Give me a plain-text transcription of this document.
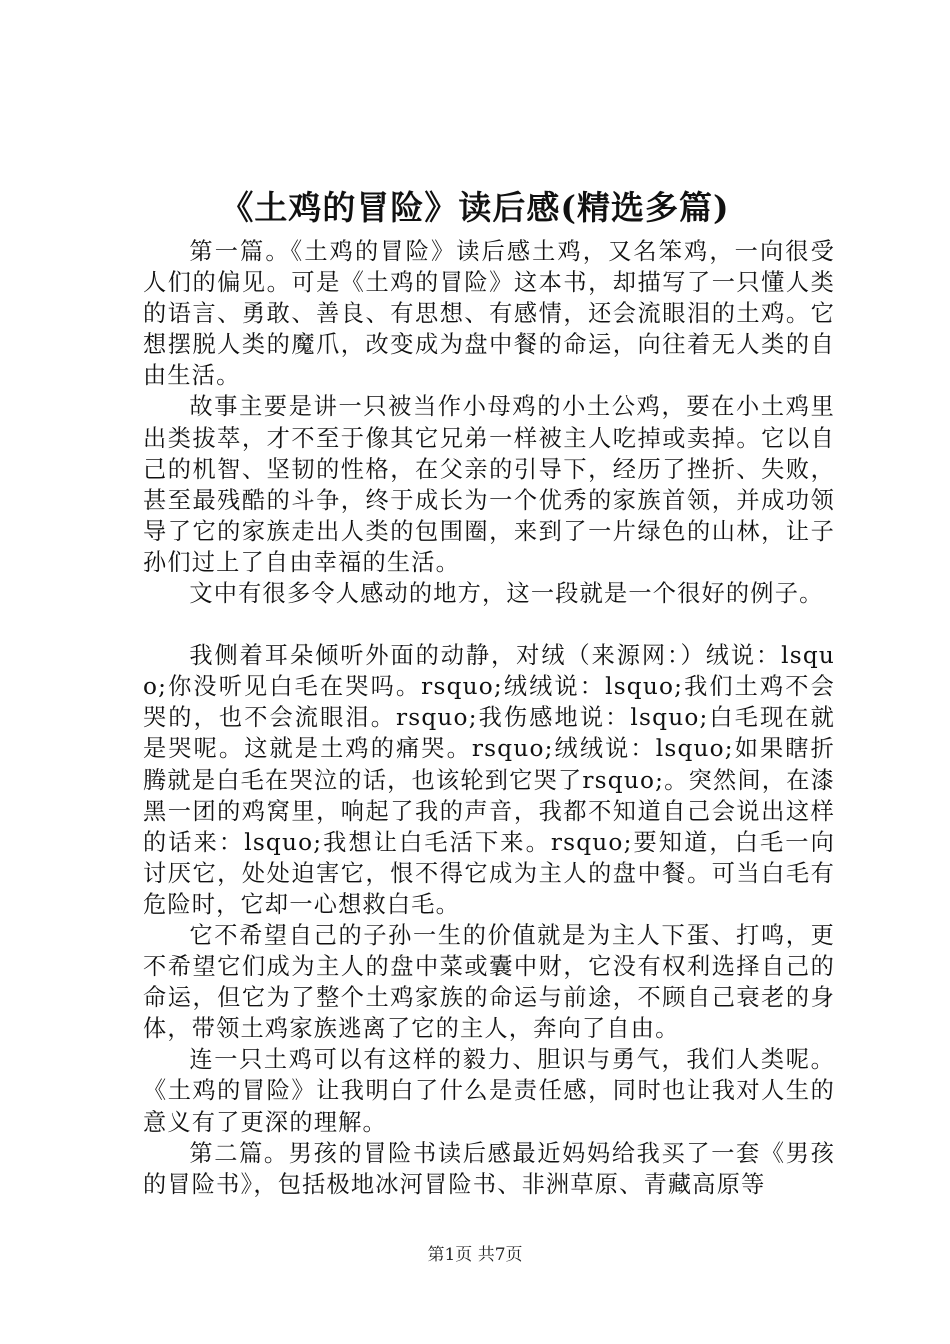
《土鸡的冒险》读后感(精选多篇)

第一篇。《土鸡的冒险》读后感土鸡，又名笨鸡，一向很受人们的偏见。可是《土鸡的冒险》这本书，却描写了一只懂人类的语言、勇敢、善良、有思想、有感情，还会流眼泪的土鸡。它想摆脱人类的魔爪，改变成为盘中餐的命运，向往着无人类的自由生活。

故事主要是讲一只被当作小母鸡的小土公鸡，要在小土鸡里出类拔萃，才不至于像其它兄弟一样被主人吃掉或卖掉。它以自己的机智、坚韧的性格，在父亲的引导下，经历了挫折、失败，甚至最残酷的斗争，终于成长为一个优秀的家族首领，并成功领导了它的家族走出人类的包围圈，来到了一片绿色的山林，让子孙们过上了自由幸福的生活。

文中有很多令人感动的地方，这一段就是一个很好的例子。

我侧着耳朵倾听外面的动静，对绒（来源网：）绒说：lsquo;你没听见白毛在哭吗。rsquo;绒绒说：lsquo;我们土鸡不会哭的，也不会流眼泪。rsquo;我伤感地说：lsquo;白毛现在就是哭呢。这就是土鸡的痛哭。rsquo;绒绒说：lsquo;如果瞎折腾就是白毛在哭泣的话，也该轮到它哭了rsquo;。突然间，在漆黑一团的鸡窝里，响起了我的声音，我都不知道自己会说出这样的话来：lsquo;我想让白毛活下来。rsquo;要知道，白毛一向讨厌它，处处迫害它，恨不得它成为主人的盘中餐。可当白毛有危险时，它却一心想救白毛。

它不希望自己的子孙一生的价值就是为主人下蛋、打鸣，更不希望它们成为主人的盘中菜或囊中财，它没有权利选择自己的命运，但它为了整个土鸡家族的命运与前途，不顾自己衰老的身体，带领土鸡家族逃离了它的主人，奔向了自由。

连一只土鸡可以有这样的毅力、胆识与勇气，我们人类呢。《土鸡的冒险》让我明白了什么是责任感，同时也让我对人生的意义有了更深的理解。

第二篇。男孩的冒险书读后感最近妈妈给我买了一套《男孩的冒险书》，包括极地冰河冒险书、非洲草原、青藏高原等

第1页 共7页
